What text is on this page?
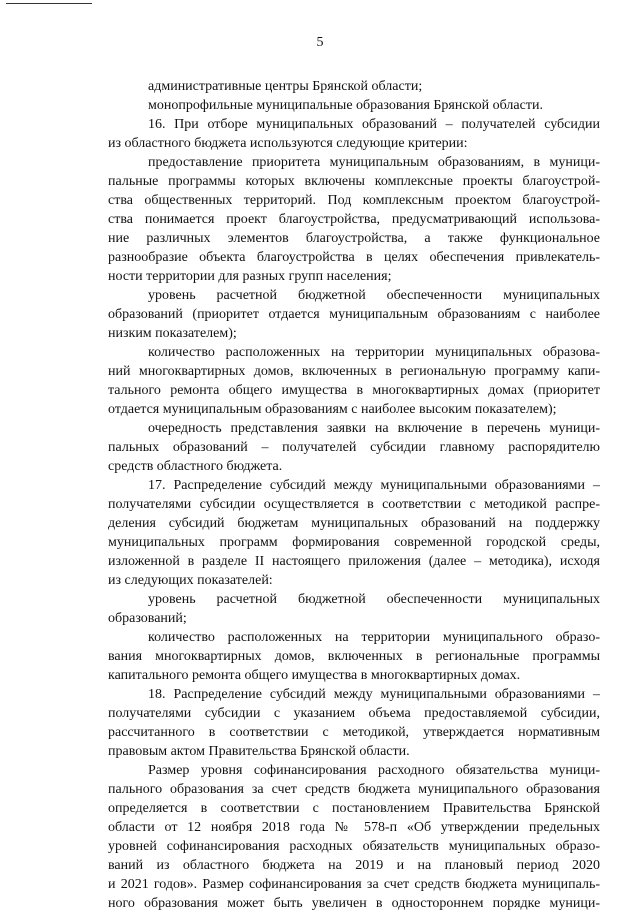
5
административные центры Брянской области;
монопрофильные муниципальные образования Брянской области.
16. При отборе муниципальных образований – получателей субсидии
из областного бюджета используются следующие критерии:
предоставление приоритета муниципальным образованиям, в муници-
пальные программы которых включены комплексные проекты благоустрой-
ства общественных территорий. Под комплексным проектом благоустрой-
ства понимается проект благоустройства, предусматривающий использова-
ние различных элементов благоустройства, а также функциональное
разнообразие объекта благоустройства в целях обеспечения привлекатель-
ности территории для разных групп населения;
уровень расчетной бюджетной обеспеченности муниципальных
образований (приоритет отдается муниципальным образованиям с наиболее
низким показателем);
количество расположенных на территории муниципальных образова-
ний многоквартирных домов, включенных в региональную программу капи-
тального ремонта общего имущества в многоквартирных домах (приоритет
отдается муниципальным образованиям с наиболее высоким показателем);
очередность представления заявки на включение в перечень муници-
пальных образований – получателей субсидии главному распорядителю
средств областного бюджета.
17. Распределение субсидий между муниципальными образованиями –
получателями субсидии осуществляется в соответствии с методикой распре-
деления субсидий бюджетам муниципальных образований на поддержку
муниципальных программ формирования современной городской среды,
изложенной в разделе II настоящего приложения (далее – методика), исходя
из следующих показателей:
уровень расчетной бюджетной обеспеченности муниципальных
образований;
количество расположенных на территории муниципального образо-
вания многоквартирных домов, включенных в региональные программы
капитального ремонта общего имущества в многоквартирных домах.
18. Распределение субсидий между муниципальными образованиями –
получателями субсидии с указанием объема предоставляемой субсидии,
рассчитанного в соответствии с методикой, утверждается нормативным
правовым актом Правительства Брянской области.
Размер уровня софинансирования расходного обязательства муници-
пального образования за счет средств бюджета муниципального образования
определяется в соответствии с постановлением Правительства Брянской
области от 12 ноября 2018 года № 578-п «Об утверждении предельных
уровней софинансирования расходных обязательств муниципальных образо-
ваний из областного бюджета на 2019 и на плановый период 2020
и 2021 годов». Размер софинансирования за счет средств бюджета муниципаль-
ного образования может быть увеличен в одностороннем порядке муници-
